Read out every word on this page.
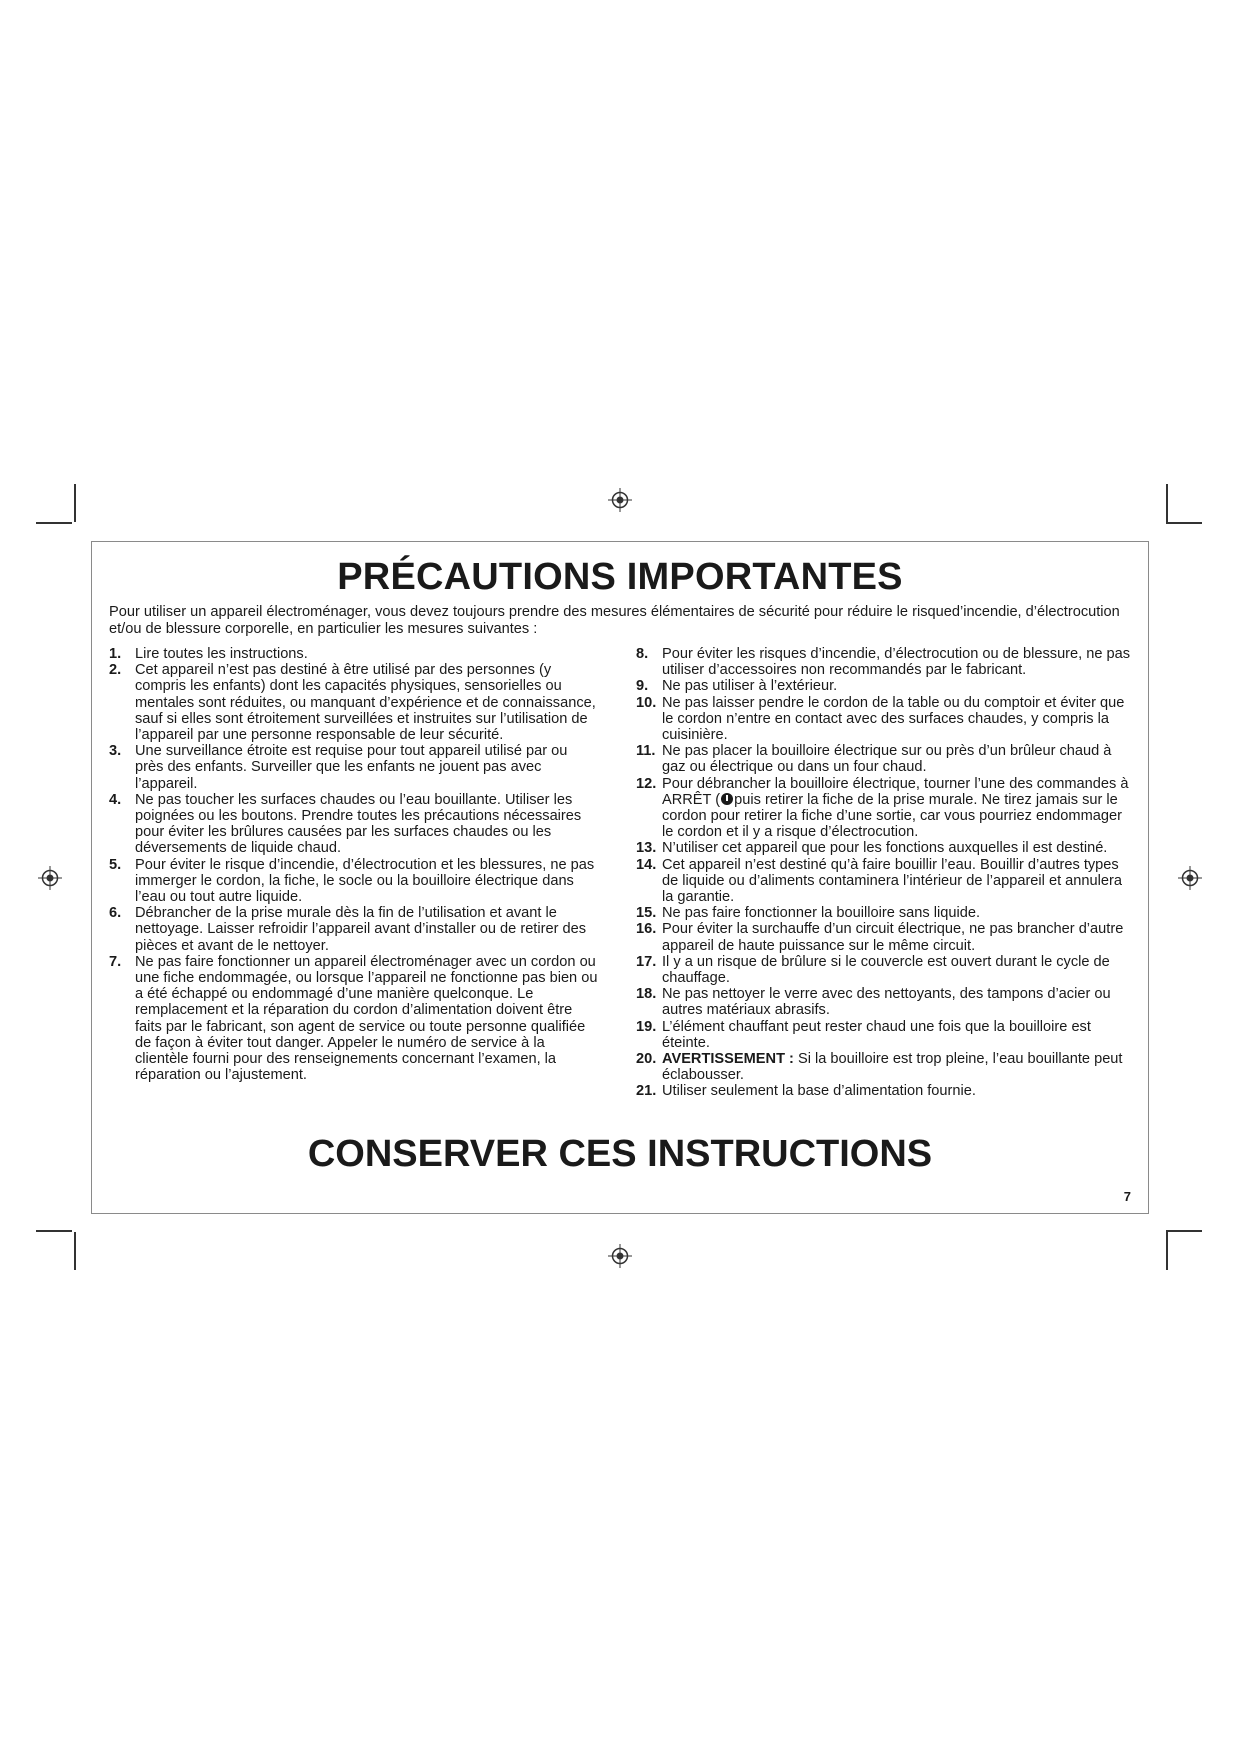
PRÉCAUTIONS IMPORTANTES
Pour utiliser un appareil électroménager, vous devez toujours prendre des mesures élémentaires de sécurité pour réduire le risqued’incendie, d’électrocution et/ou de blessure corporelle, en particulier les mesures suivantes :
1. Lire toutes les instructions.
2. Cet appareil n’est pas destiné à être utilisé par des personnes (y compris les enfants) dont les capacités physiques, sensorielles ou mentales sont réduites, ou manquant d’expérience et de connaissance, sauf si elles sont étroitement surveillées et instruites sur l’utilisation de l’appareil par une personne responsable de leur sécurité.
3. Une surveillance étroite est requise pour tout appareil utilisé par ou près des enfants. Surveiller que les enfants ne jouent pas avec l’appareil.
4. Ne pas toucher les surfaces chaudes ou l’eau bouillante. Utiliser les poignées ou les boutons. Prendre toutes les précautions nécessaires pour éviter les brûlures causées par les surfaces chaudes ou les déversements de liquide chaud.
5. Pour éviter le risque d’incendie, d’électrocution et les blessures, ne pas immerger le cordon, la fiche, le socle ou la bouilloire électrique dans l’eau ou tout autre liquide.
6. Débrancher de la prise murale dès la fin de l’utilisation et avant le nettoyage. Laisser refroidir l’appareil avant d’installer ou de retirer des pièces et avant de le nettoyer.
7. Ne pas faire fonctionner un appareil électroménager avec un cordon ou une fiche endommagée, ou lorsque l’appareil ne fonctionne pas bien ou a été échappé ou endommagé d’une manière quelconque. Le remplacement et la réparation du cordon d’alimentation doivent être faits par le fabricant, son agent de service ou toute personne qualifiée de façon à éviter tout danger. Appeler le numéro de service à la clientèle fourni pour des renseignements concernant l’examen, la réparation ou l’ajustement.
8. Pour éviter les risques d’incendie, d’électrocution ou de blessure, ne pas utiliser d’accessoires non recommandés par le fabricant.
9. Ne pas utiliser à l’extérieur.
10. Ne pas laisser pendre le cordon de la table ou du comptoir et éviter que le cordon n’entre en contact avec des surfaces chaudes, y compris la cuisinière.
11. Ne pas placer la bouilloire électrique sur ou près d’un brûleur chaud à gaz ou électrique ou dans un four chaud.
12. Pour débrancher la bouilloire électrique, tourner l’une des commandes à ARRÊT ( puis retirer la fiche de la prise murale. Ne tirez jamais sur le cordon pour retirer la fiche d’une sortie, car vous pourriez endommager le cordon et il y a risque d’électrocution.
13. N’utiliser cet appareil que pour les fonctions auxquelles il est destiné.
14. Cet appareil n’est destiné qu’à faire bouillir l’eau. Bouillir d’autres types de liquide ou d’aliments contaminera l’intérieur de l’appareil et annulera la garantie.
15. Ne pas faire fonctionner la bouilloire sans liquide.
16. Pour éviter la surchauffe d’un circuit électrique, ne pas brancher d’autre appareil de haute puissance sur le même circuit.
17. Il y a un risque de brûlure si le couvercle est ouvert durant le cycle de chauffage.
18. Ne pas nettoyer le verre avec des nettoyants, des tampons d’acier ou autres matériaux abrasifs.
19. L’élément chauffant peut rester chaud une fois que la bouilloire est éteinte.
20. AVERTISSEMENT : Si la bouilloire est trop pleine, l’eau bouillante peut éclabousser.
21. Utiliser seulement la base d’alimentation fournie.
CONSERVER CES INSTRUCTIONS
7
